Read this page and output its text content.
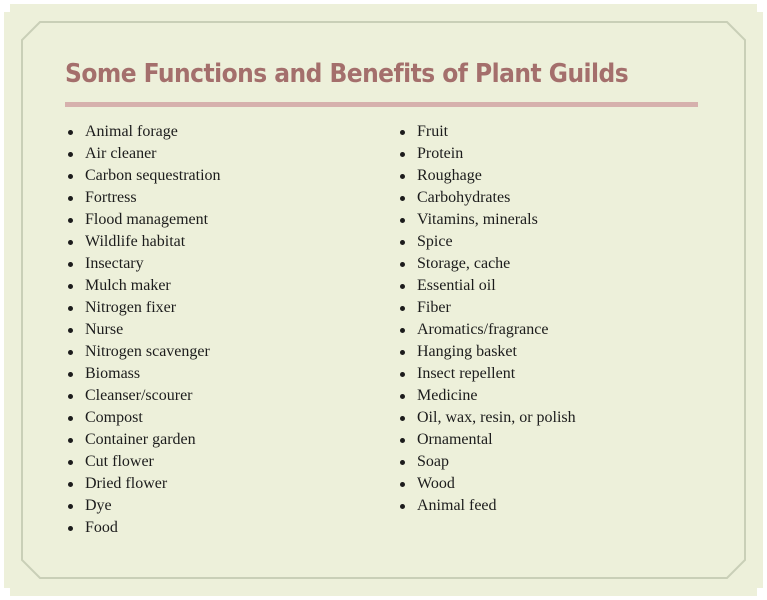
Some Functions and Benefits of Plant Guilds
Animal forage
Air cleaner
Carbon sequestration
Fortress
Flood management
Wildlife habitat
Insectary
Mulch maker
Nitrogen fixer
Nurse
Nitrogen scavenger
Biomass
Cleanser/scourer
Compost
Container garden
Cut flower
Dried flower
Dye
Food
Fruit
Protein
Roughage
Carbohydrates
Vitamins, minerals
Spice
Storage, cache
Essential oil
Fiber
Aromatics/fragrance
Hanging basket
Insect repellent
Medicine
Oil, wax, resin, or polish
Ornamental
Soap
Wood
Animal feed
